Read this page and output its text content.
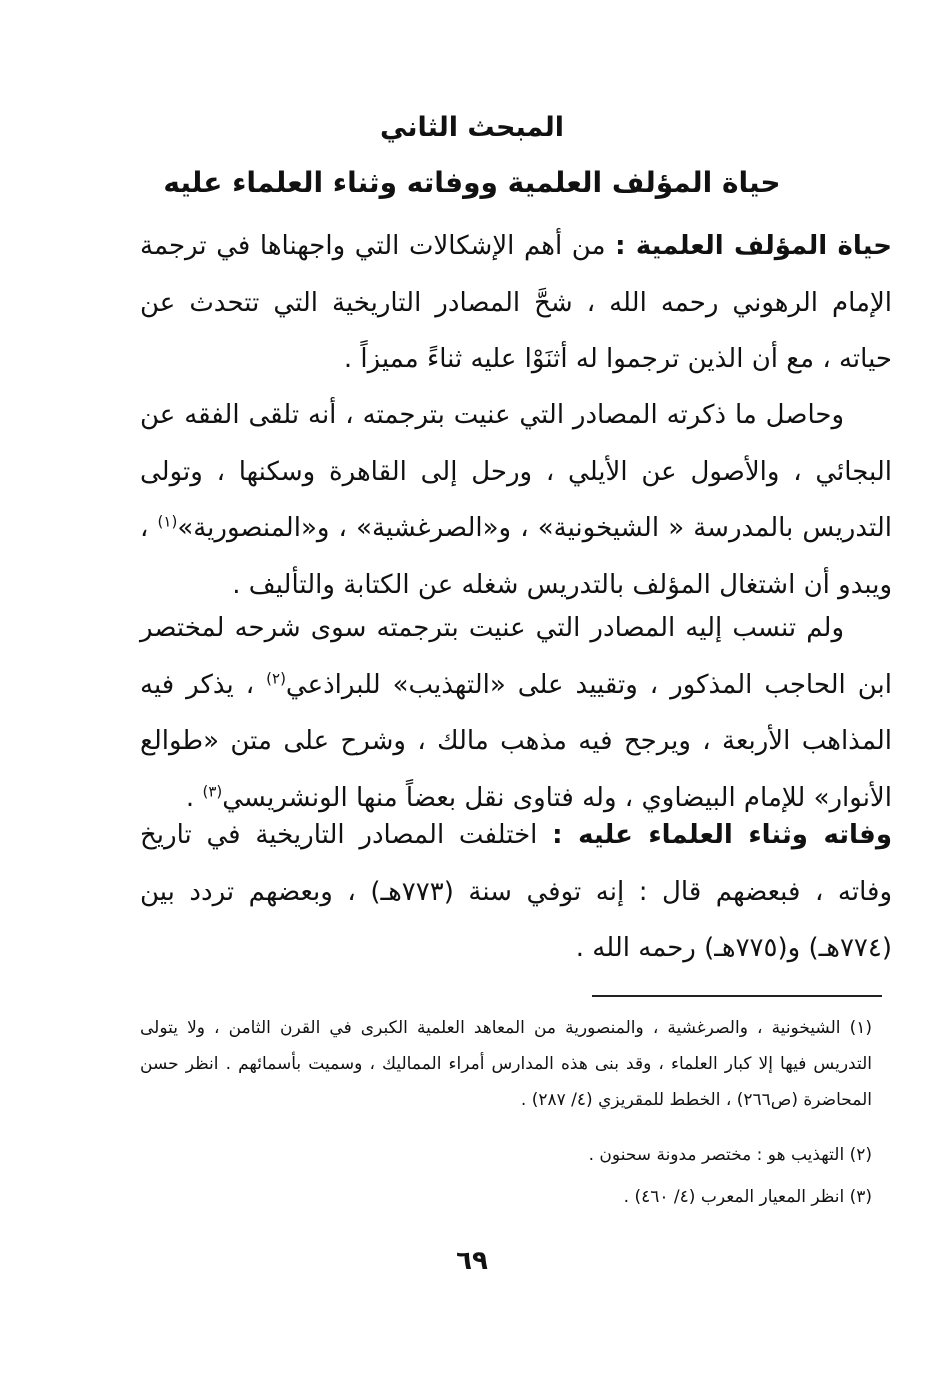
المبحث الثاني
حياة المؤلف العلمية ووفاته وثناء العلماء عليه

حياة المؤلف العلمية : من أهم الإشكالات التي واجهناها في ترجمة الإمام الرهوني رحمه الله ، شحَّ المصادر التاريخية التي تتحدث عن حياته ، مع أن الذين ترجموا له أثنَوْا عليه ثناءً مميزاً .

وحاصل ما ذكرته المصادر التي عنيت بترجمته ، أنه تلقى الفقه عن البجائي ، والأصول عن الأيلي ، ورحل إلى القاهرة وسكنها ، وتولى التدريس بالمدرسة « الشيخونية» ، و«الصرغشية» ، و«المنصورية»$^{(١)}$ ، ويبدو أن اشتغال المؤلف بالتدريس شغله عن الكتابة والتأليف .

ولم تنسب إليه المصادر التي عنيت بترجمته سوى شرحه لمختصر ابن الحاجب المذكور ، وتقييد على «التهذيب» للبراذعي$^{(٢)}$ ، يذكر فيه المذاهب الأربعة ، ويرجح فيه مذهب مالك ، وشرح على متن «طوالع الأنوار» للإمام البيضاوي ، وله فتاوى نقل بعضاً منها الونشريسي$^{(٣)}$ .

وفاته وثناء العلماء عليه : اختلفت المصادر التاريخية في تاريخ وفاته ، فبعضهم قال : إنه توفي سنة (٧٧٣هـ) ، وبعضهم تردد بين (٧٧٤هـ) و(٧٧٥هـ) رحمه الله .

(١) الشيخونية ، والصرغشية ، والمنصورية من المعاهد العلمية الكبرى في القرن الثامن ، ولا يتولى التدريس فيها إلا كبار العلماء ، وقد بنى هذه المدارس أمراء المماليك ، وسميت بأسمائهم . انظر حسن المحاضرة (ص٢٦٦) ، الخطط للمقريزي (٤/ ٢٨٧) .

(٢) التهذيب هو : مختصر مدونة سحنون .

(٣) انظر المعيار المعرب (٤/ ٤٦٠) .

٦٩
